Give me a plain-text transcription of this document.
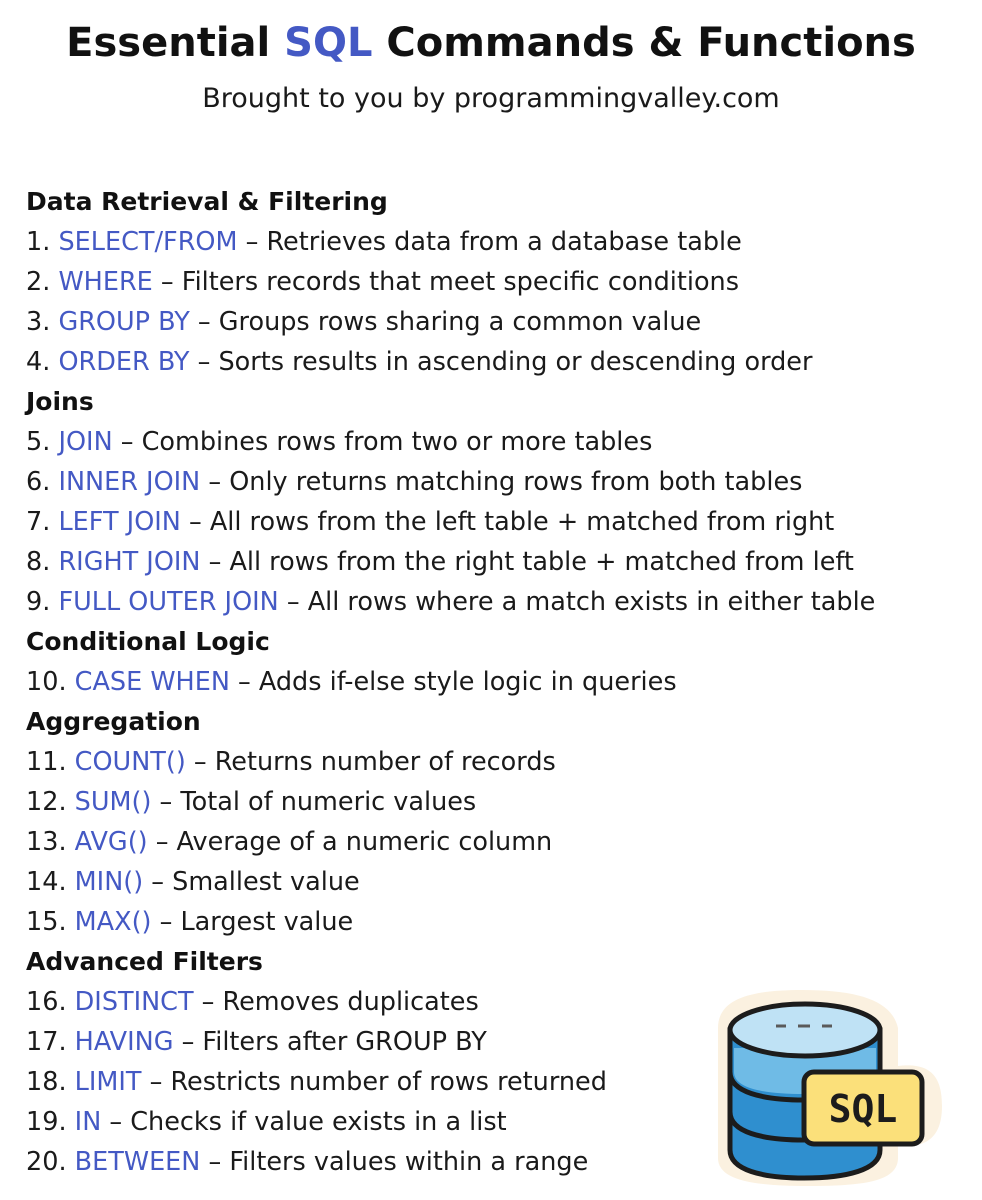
Essential SQL Commands & Functions
Brought to you by programmingvalley.com
Data Retrieval & Filtering
1. SELECT/FROM – Retrieves data from a database table
2. WHERE – Filters records that meet specific conditions
3. GROUP BY – Groups rows sharing a common value
4. ORDER BY – Sorts results in ascending or descending order
Joins
5. JOIN – Combines rows from two or more tables
6. INNER JOIN – Only returns matching rows from both tables
7. LEFT JOIN – All rows from the left table + matched from right
8. RIGHT JOIN – All rows from the right table + matched from left
9. FULL OUTER JOIN – All rows where a match exists in either table
Conditional Logic
10. CASE WHEN – Adds if-else style logic in queries
Aggregation
11. COUNT() – Returns number of records
12. SUM() – Total of numeric values
13. AVG() – Average of a numeric column
14. MIN() – Smallest value
15. MAX() – Largest value
Advanced Filters
16. DISTINCT – Removes duplicates
17. HAVING – Filters after GROUP BY
18. LIMIT – Restricts number of rows returned
19. IN – Checks if value exists in a list
20. BETWEEN – Filters values within a range
SQL
